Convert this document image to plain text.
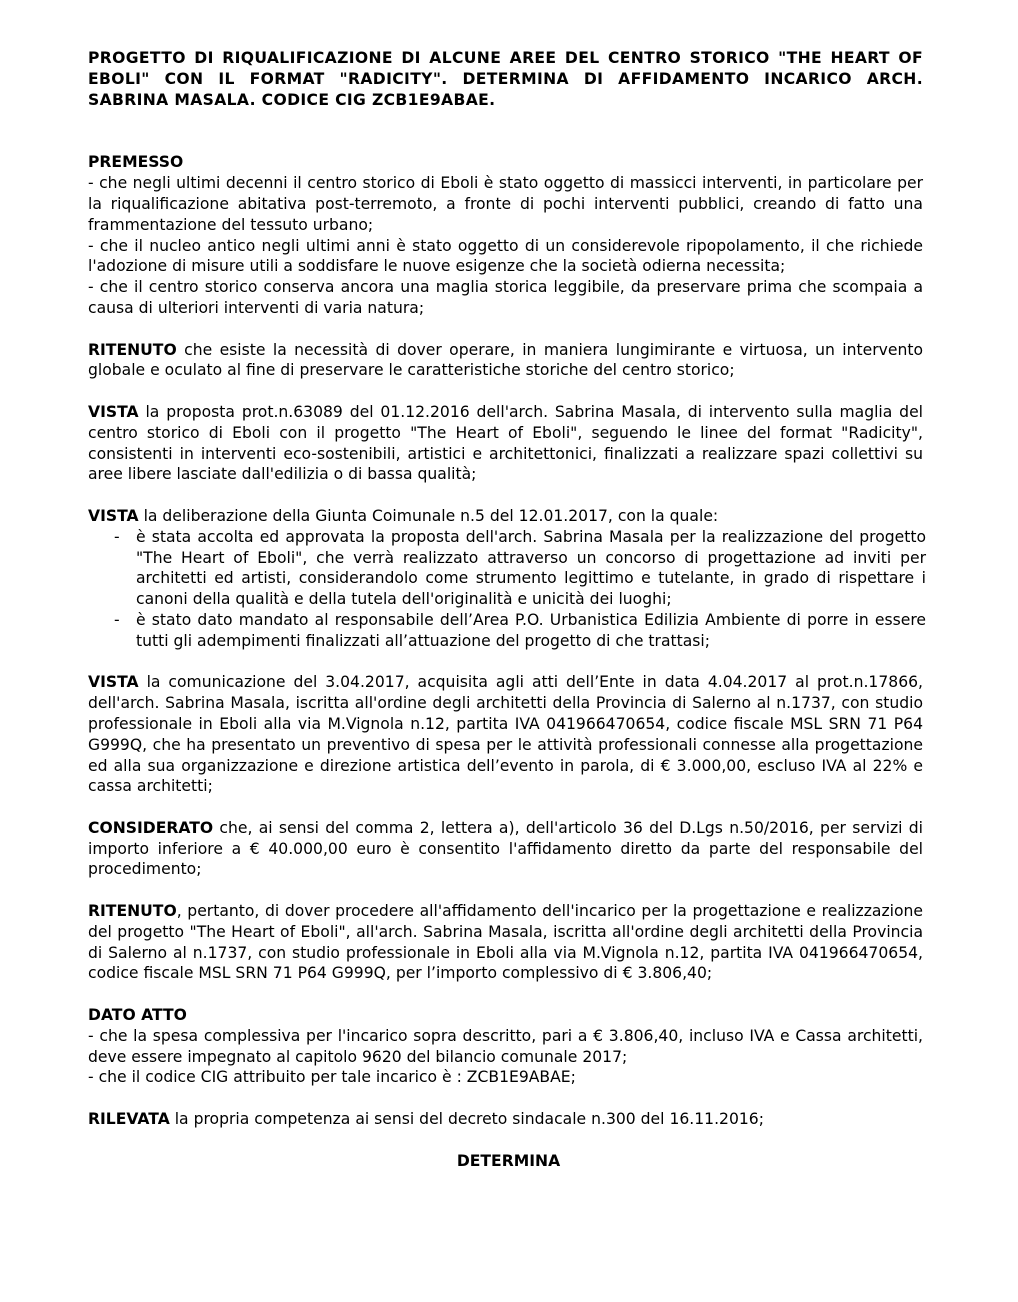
PROGETTO DI RIQUALIFICAZIONE DI ALCUNE AREE DEL CENTRO STORICO "THE HEART OF EBOLI" CON IL FORMAT "RADICITY". DETERMINA DI AFFIDAMENTO INCARICO ARCH. SABRINA MASALA. CODICE CIG ZCB1E9ABAE.
PREMESSO
- che negli ultimi decenni il centro storico di Eboli è stato oggetto di massicci interventi, in particolare per la riqualificazione abitativa post-terremoto, a fronte di pochi interventi pubblici, creando di fatto una frammentazione del tessuto urbano;
- che il nucleo antico negli ultimi anni è stato oggetto di un considerevole ripopolamento, il che richiede l'adozione di misure utili a soddisfare le nuove esigenze che la società odierna necessita;
- che il centro storico conserva ancora una maglia storica leggibile, da preservare prima che scompaia a causa di ulteriori interventi di varia natura;

RITENUTO che esiste la necessità di dover operare, in maniera lungimirante e virtuosa, un intervento globale e oculato al fine di preservare le caratteristiche storiche del centro storico;

VISTA la proposta prot.n.63089 del 01.12.2016 dell'arch. Sabrina Masala, di intervento sulla maglia del centro storico di Eboli con il progetto "The Heart of Eboli", seguendo le linee del format "Radicity", consistenti in interventi eco-sostenibili, artistici e architettonici, finalizzati a realizzare spazi collettivi su aree libere lasciate dall'edilizia o di bassa qualità;

VISTA la deliberazione della Giunta Coimunale n.5 del 12.01.2017, con la quale:

- è stata accolta ed approvata la proposta dell'arch. Sabrina Masala per la realizzazione del progetto "The Heart of Eboli", che verrà realizzato attraverso un concorso di progettazione ad inviti per architetti ed artisti, considerandolo come strumento legittimo e tutelante, in grado di rispettare i canoni della qualità e della tutela dell'originalità e unicità dei luoghi;
- è stato dato mandato al responsabile dell’Area P.O. Urbanistica Edilizia Ambiente di porre in essere tutti gli adempimenti finalizzati all’attuazione del progetto di che trattasi;

VISTA la comunicazione del 3.04.2017, acquisita agli atti dell’Ente in data 4.04.2017 al prot.n.17866, dell'arch. Sabrina Masala, iscritta all'ordine degli architetti della Provincia di Salerno al n.1737, con studio professionale in Eboli alla via M.Vignola n.12, partita IVA 041966470654, codice fiscale MSL SRN 71 P64 G999Q, che ha presentato un preventivo di spesa per le attività professionali connesse alla progettazione ed alla sua organizzazione e direzione artistica dell’evento in parola, di € 3.000,00, escluso IVA al 22% e cassa architetti;

CONSIDERATO che, ai sensi del comma 2, lettera a), dell'articolo 36 del D.Lgs n.50/2016, per servizi di importo inferiore a € 40.000,00 euro è consentito l'affidamento diretto da parte del responsabile del procedimento;

RITENUTO, pertanto, di dover procedere all'affidamento dell'incarico per la progettazione e realizzazione del progetto "The Heart of Eboli", all'arch. Sabrina Masala, iscritta all'ordine degli architetti della Provincia di Salerno al n.1737, con studio professionale in Eboli alla via M.Vignola n.12, partita IVA 041966470654, codice fiscale MSL SRN 71 P64 G999Q, per l’importo complessivo di € 3.806,40;

DATO ATTO
- che la spesa complessiva per l'incarico sopra descritto, pari a € 3.806,40, incluso IVA e Cassa architetti, deve essere impegnato al capitolo 9620 del bilancio comunale 2017;
- che il codice CIG attribuito per tale incarico è : ZCB1E9ABAE;

RILEVATA la propria competenza ai sensi del decreto sindacale n.300 del 16.11.2016;

DETERMINA
